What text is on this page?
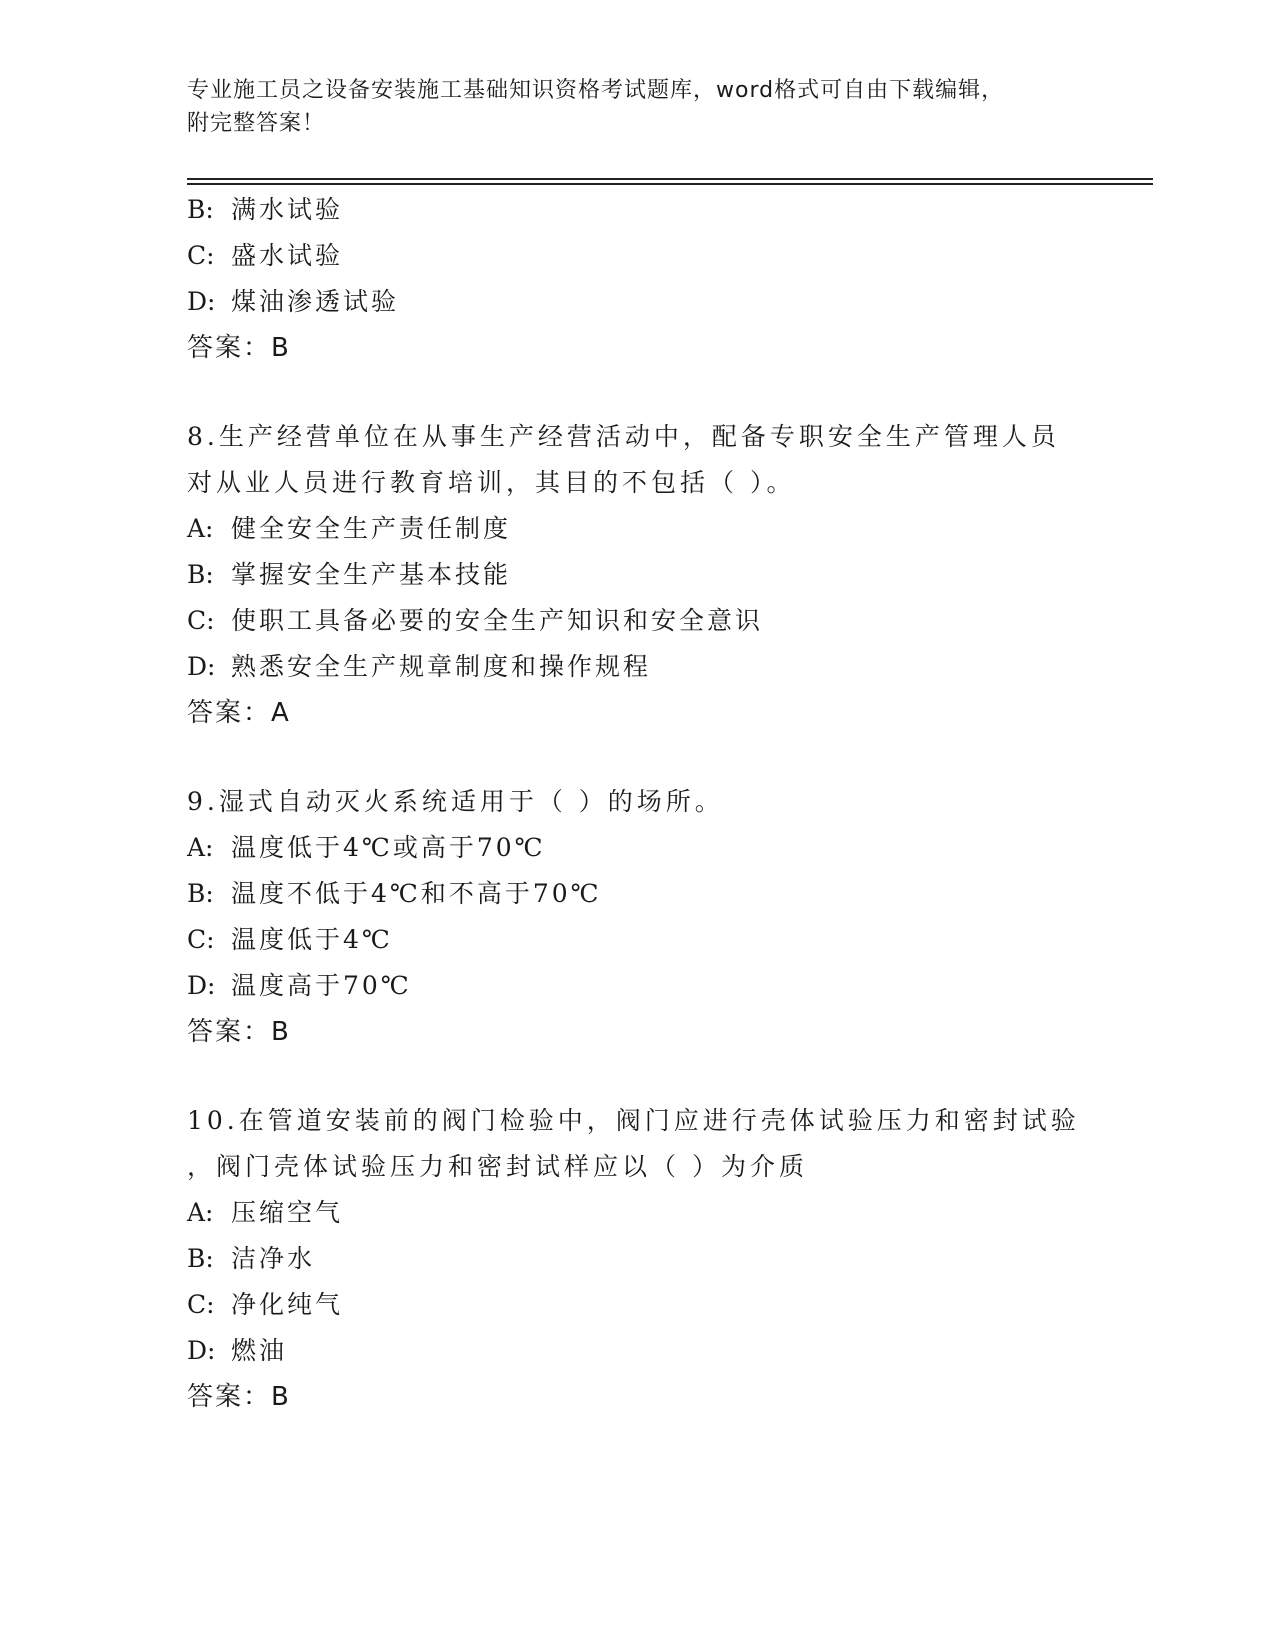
专业施工员之设备安装施工基础知识资格考试题库，word格式可自由下载编辑，
附完整答案！
B: 满水试验
C: 盛水试验
D: 煤油渗透试验
答案：B
8.生产经营单位在从事生产经营活动中，配备专职安全生产管理人员
对从业人员进行教育培训，其目的不包括（ ）。
A: 健全安全生产责任制度
B: 掌握安全生产基本技能
C: 使职工具备必要的安全生产知识和安全意识
D: 熟悉安全生产规章制度和操作规程
答案：A
9.湿式自动灭火系统适用于（ ）的场所。
A: 温度低于4℃或高于70℃
B: 温度不低于4℃和不高于70℃
C: 温度低于4℃
D: 温度高于70℃
答案：B
10.在管道安装前的阀门检验中，阀门应进行壳体试验压力和密封试验
，阀门壳体试验压力和密封试样应以（ ）为介质
A: 压缩空气
B: 洁净水
C: 净化纯气
D: 燃油
答案：B
